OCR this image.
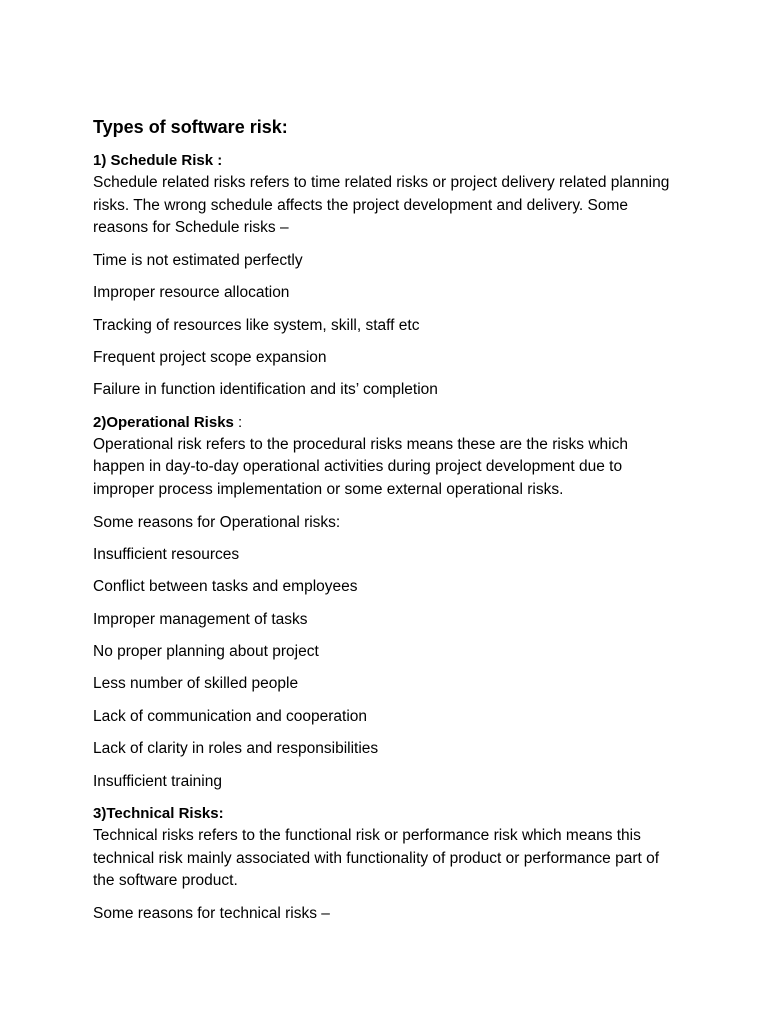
Types of software risk:

1) Schedule Risk :

Schedule related risks refers to time related risks or project delivery related planning risks. The wrong schedule affects the project development and delivery. Some reasons for Schedule risks –

Time is not estimated perfectly

Improper resource allocation

Tracking of resources like system, skill, staff etc

Frequent project scope expansion

Failure in function identification and its’ completion

2)Operational Risks :

Operational risk refers to the procedural risks means these are the risks which happen in day-to-day operational activities during project development due to improper process implementation or some external operational risks.

Some reasons for Operational risks:

Insufficient resources

Conflict between tasks and employees

Improper management of tasks

No proper planning about project

Less number of skilled people

Lack of communication and cooperation

Lack of clarity in roles and responsibilities

Insufficient training

3)Technical Risks:

Technical risks refers to the functional risk or performance risk which means this technical risk mainly associated with functionality of product or performance part of the software product.

Some reasons for technical risks –
